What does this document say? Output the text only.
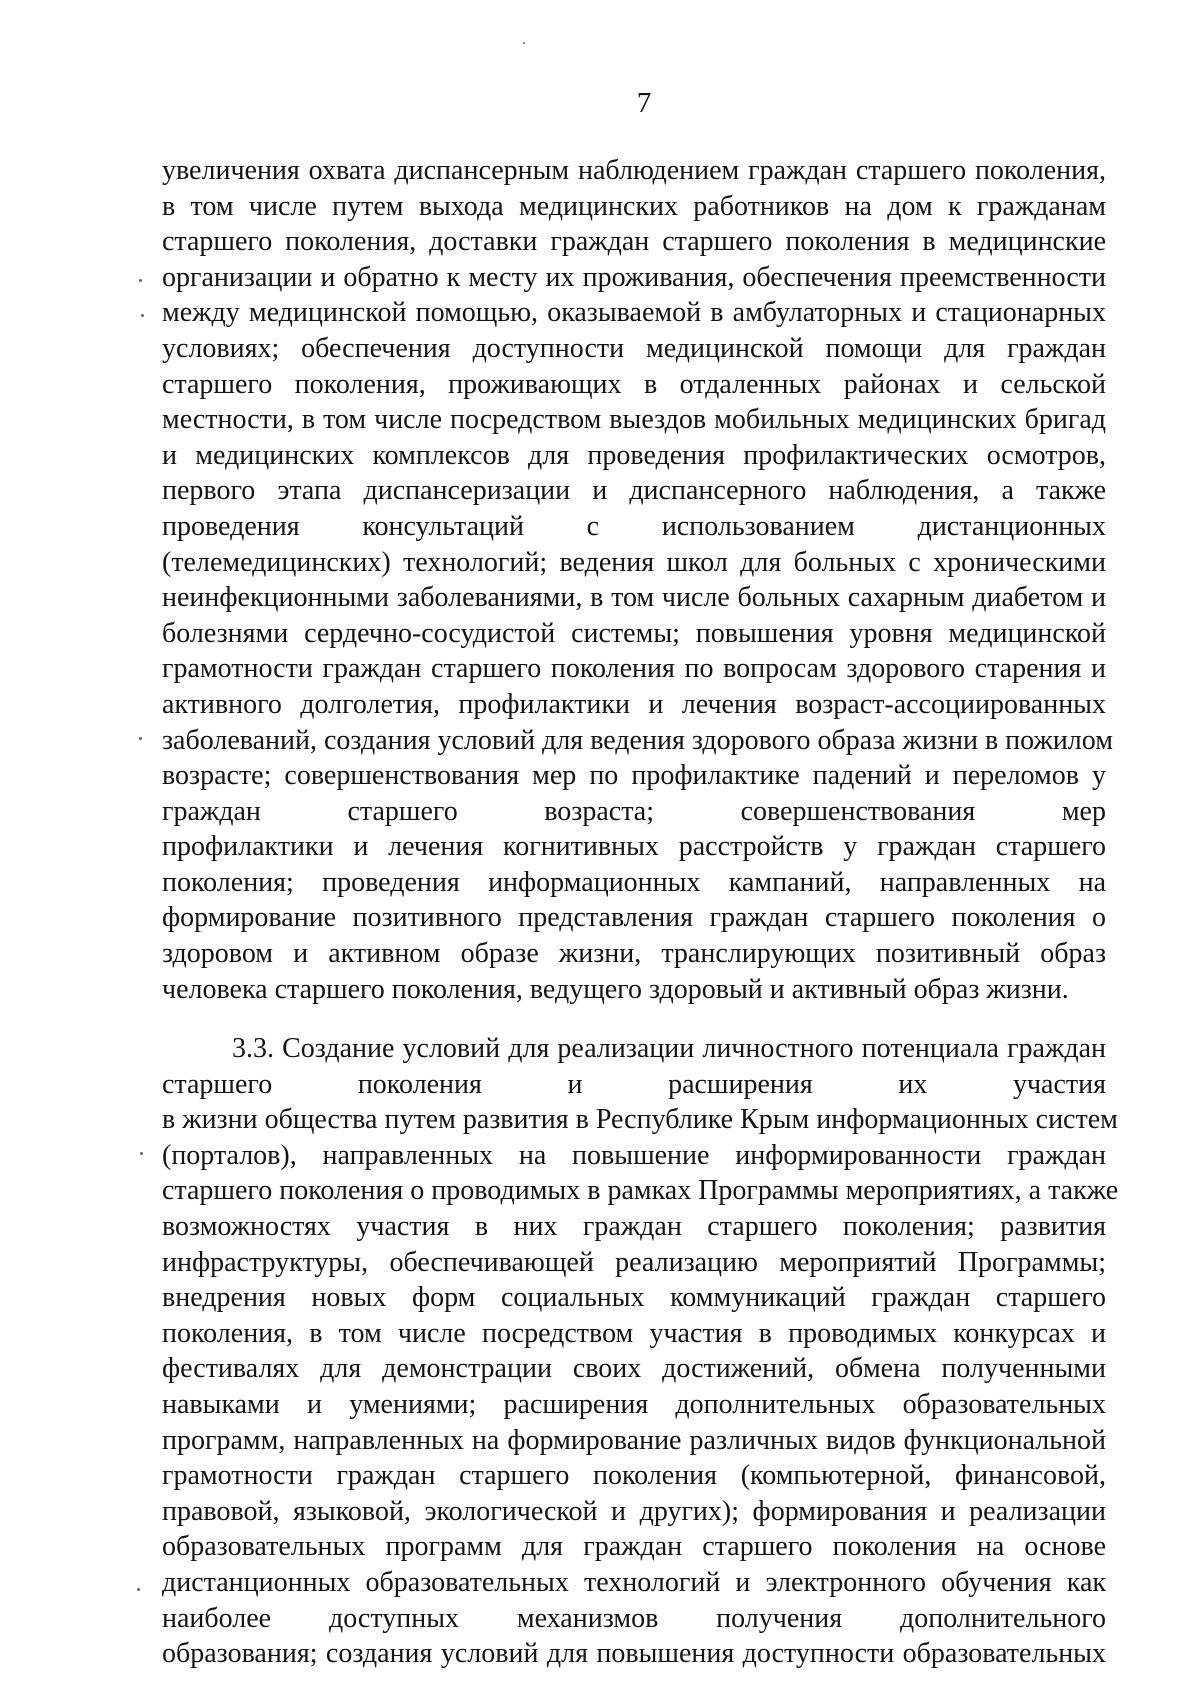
7
увеличения охвата диспансерным наблюдением граждан старшего поколения,
в том числе путем выхода медицинских работников на дом к гражданам
старшего поколения, доставки граждан старшего поколения в медицинские
организации и обратно к месту их проживания, обеспечения преемственности
между медицинской помощью, оказываемой в амбулаторных и стационарных
условиях; обеспечения доступности медицинской помощи для граждан
старшего поколения, проживающих в отдаленных районах и сельской
местности, в том числе посредством выездов мобильных медицинских бригад
и медицинских комплексов для проведения профилактических осмотров,
первого этапа диспансеризации и диспансерного наблюдения, а также
проведения консультаций с использованием дистанционных
(телемедицинских) технологий; ведения школ для больных с хроническими
неинфекционными заболеваниями, в том числе больных сахарным диабетом и
болезнями сердечно-сосудистой системы; повышения уровня медицинской
грамотности граждан старшего поколения по вопросам здорового старения и
активного долголетия, профилактики и лечения возраст-ассоциированных
заболеваний, создания условий для ведения здорового образа жизни в пожилом
возрасте; совершенствования мер по профилактике падений и переломов у
граждан старшего возраста; совершенствования мер
профилактики и лечения когнитивных расстройств у граждан старшего
поколения; проведения информационных кампаний, направленных на
формирование позитивного представления граждан старшего поколения о
здоровом и активном образе жизни, транслирующих позитивный образ
человека старшего поколения, ведущего здоровый и активный образ жизни.
3.3. Создание условий для реализации личностного потенциала граждан
старшего поколения и расширения их участия
в жизни общества путем развития в Республике Крым информационных систем
(порталов), направленных на повышение информированности граждан
старшего поколения о проводимых в рамках Программы мероприятиях, а также
возможностях участия в них граждан старшего поколения; развития
инфраструктуры, обеспечивающей реализацию мероприятий Программы;
внедрения новых форм социальных коммуникаций граждан старшего
поколения, в том числе посредством участия в проводимых конкурсах и
фестивалях для демонстрации своих достижений, обмена полученными
навыками и умениями; расширения дополнительных образовательных
программ, направленных на формирование различных видов функциональной
грамотности граждан старшего поколения (компьютерной, финансовой,
правовой, языковой, экологической и других); формирования и реализации
образовательных программ для граждан старшего поколения на основе
дистанционных образовательных технологий и электронного обучения как
наиболее доступных механизмов получения дополнительного
образования; создания условий для повышения доступности образовательных
